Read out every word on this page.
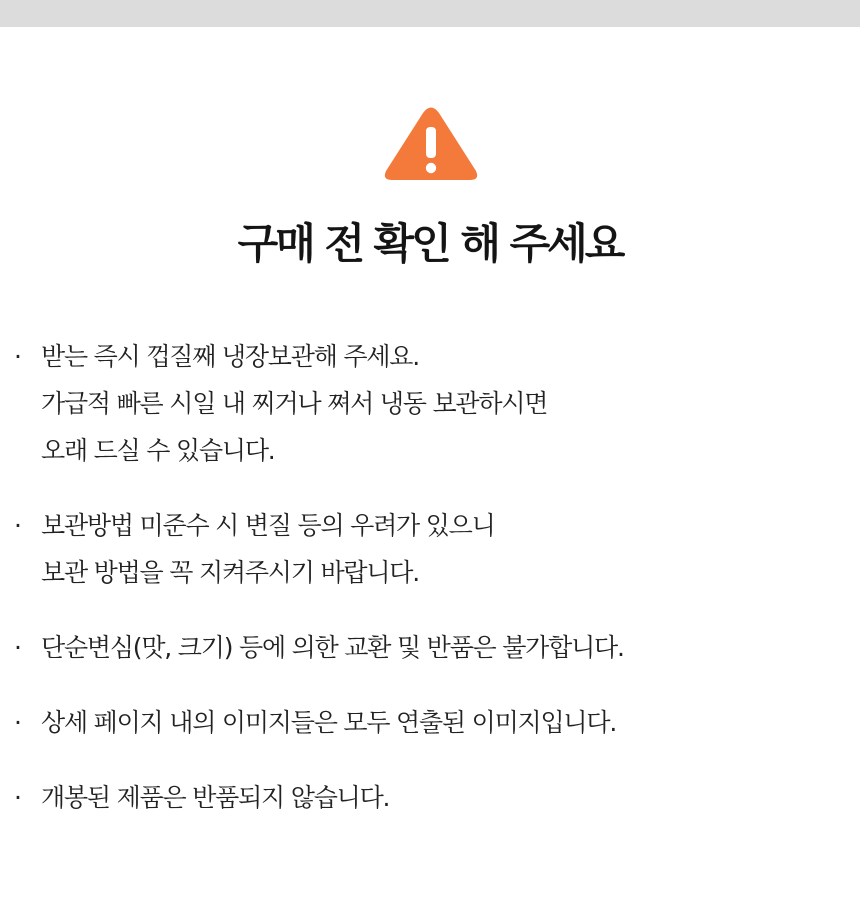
구매 전 확인 해 주세요
· 받는 즉시 껍질째 냉장보관해 주세요.
가급적 빠른 시일 내 찌거나 쪄서 냉동 보관하시면
오래 드실 수 있습니다.
· 보관방법 미준수 시 변질 등의 우려가 있으니
보관 방법을 꼭 지켜주시기 바랍니다.
· 단순변심(맛, 크기) 등에 의한 교환 및 반품은 불가합니다.
· 상세 페이지 내의 이미지들은 모두 연출된 이미지입니다.
· 개봉된 제품은 반품되지 않습니다.
